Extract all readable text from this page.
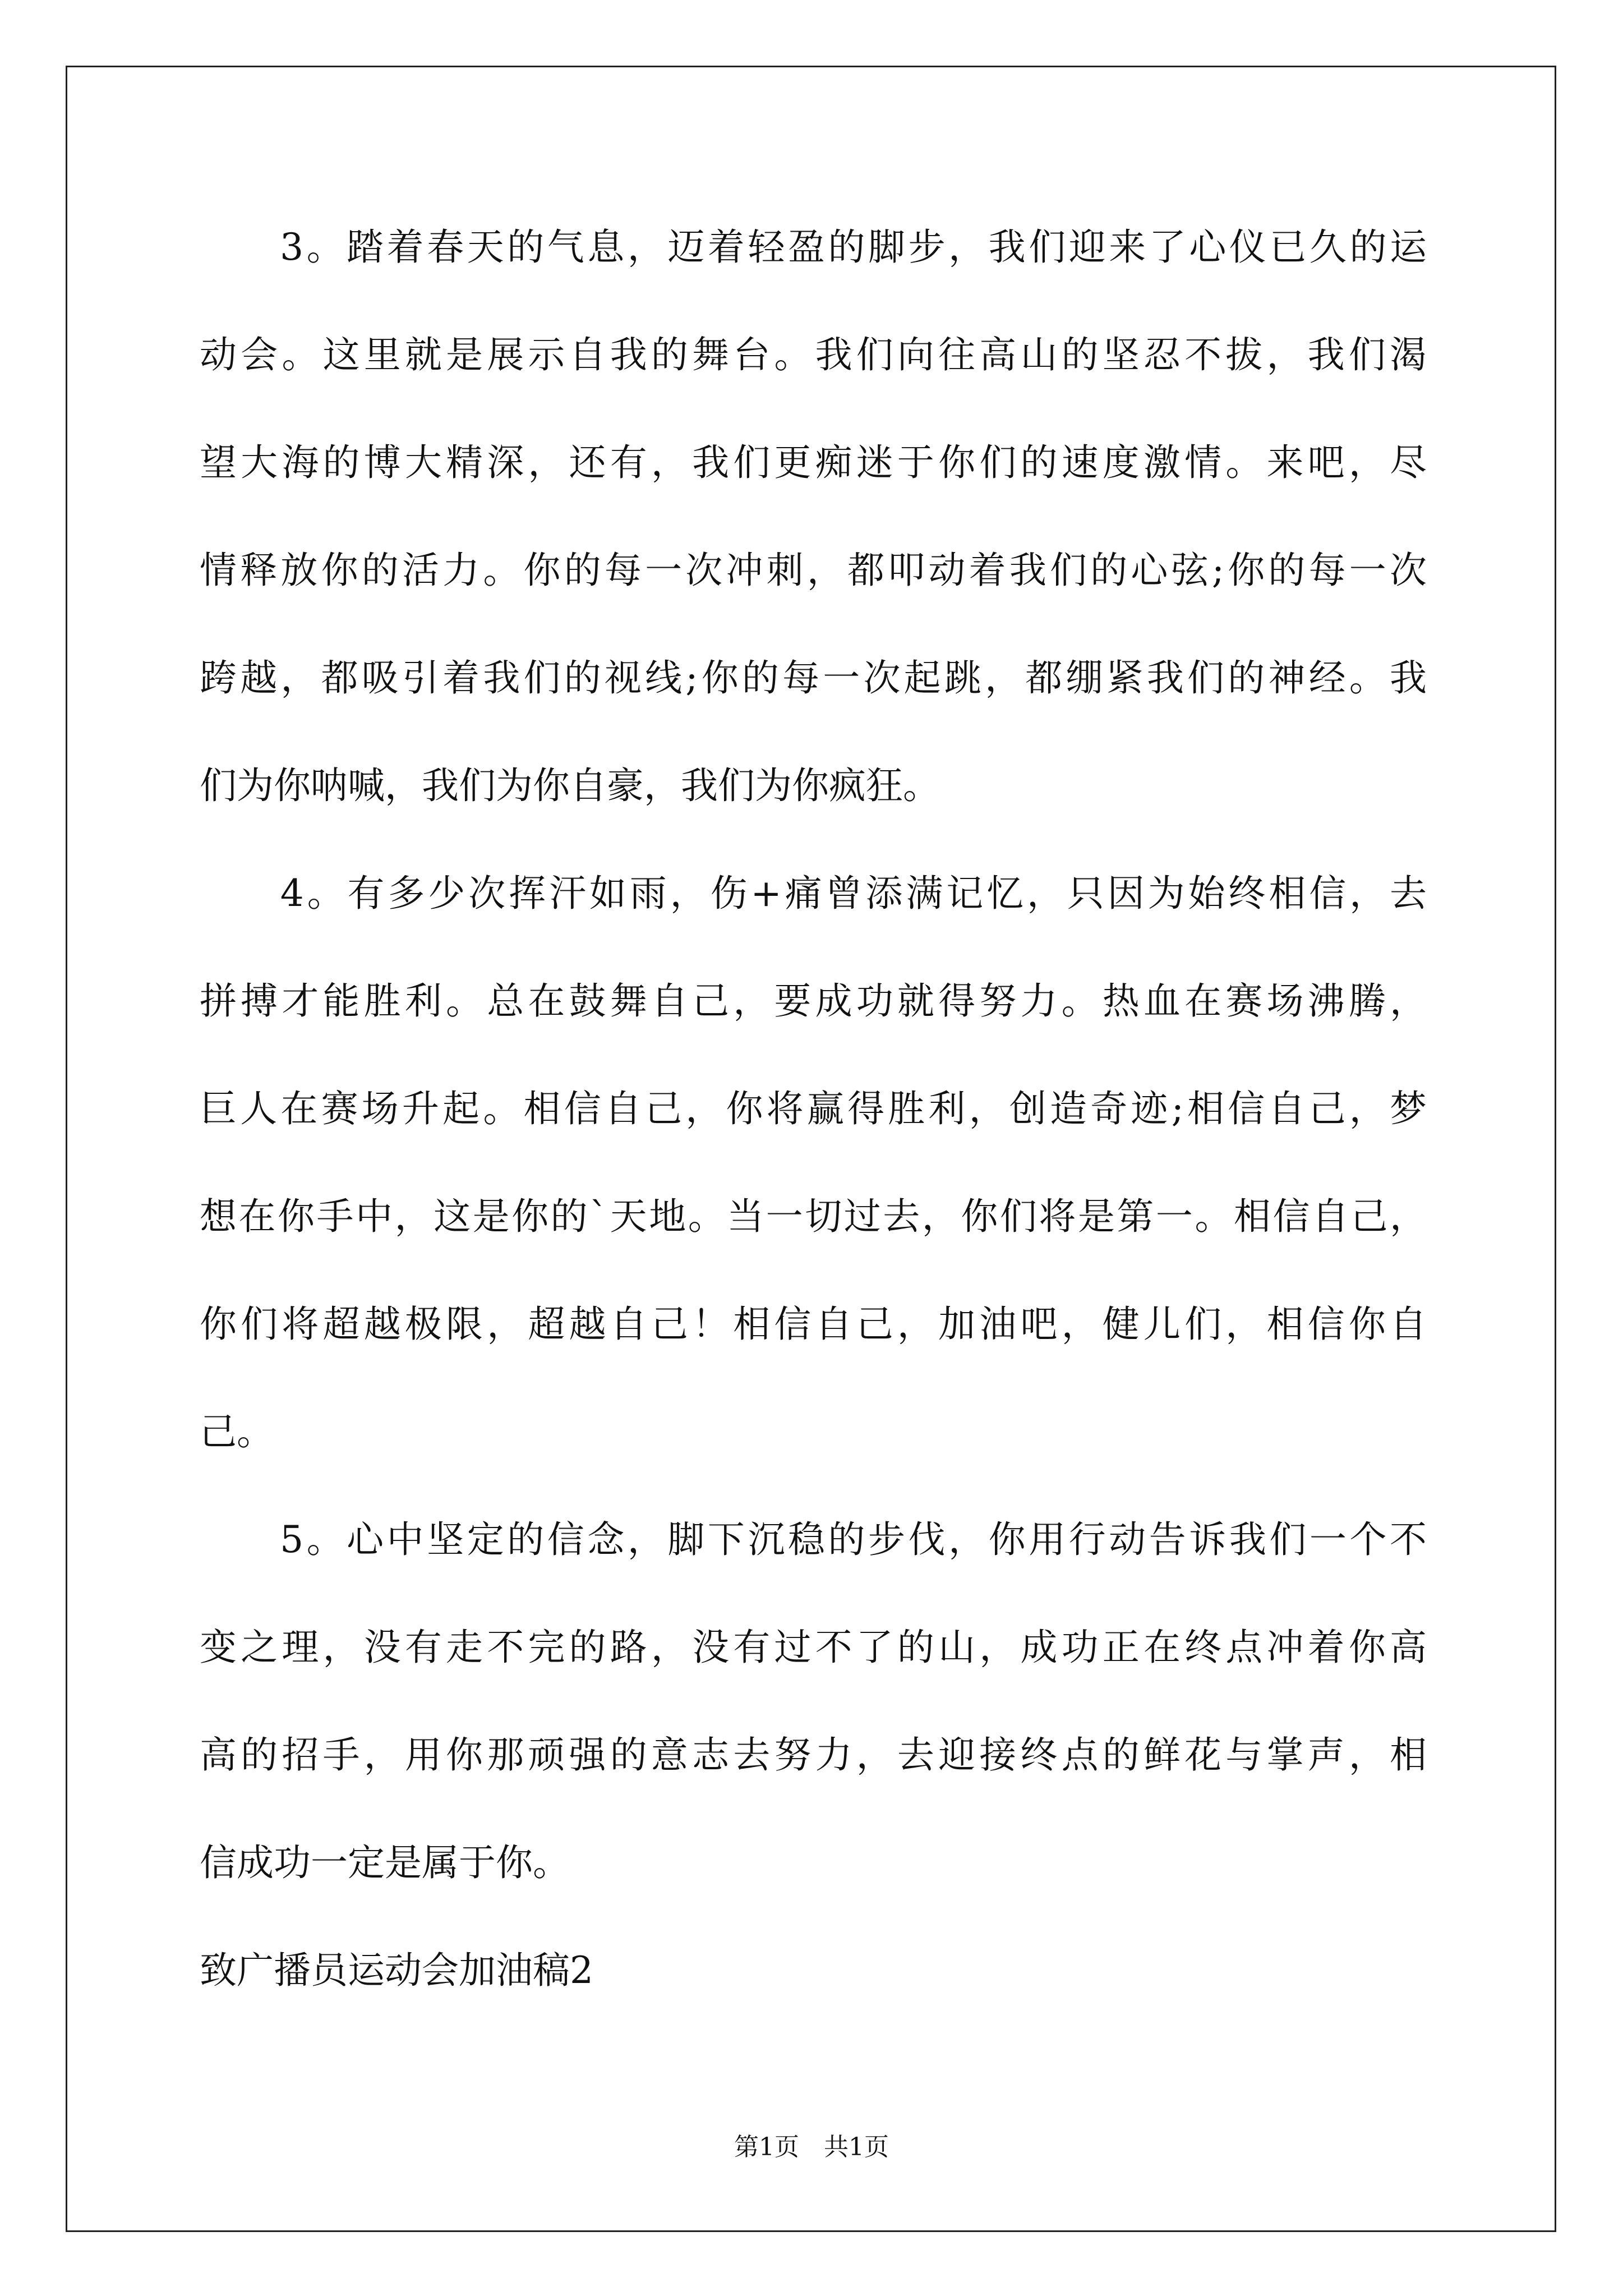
　　3。踏着春天的气息，迈着轻盈的脚步，我们迎来了心仪已久的运
动会。这里就是展示自我的舞台。我们向往高山的坚忍不拔，我们渴
望大海的博大精深，还有，我们更痴迷于你们的速度激情。来吧，尽
情释放你的活力。你的每一次冲刺，都叩动着我们的心弦;你的每一次
跨越，都吸引着我们的视线;你的每一次起跳，都绷紧我们的神经。我
们为你呐喊，我们为你自豪，我们为你疯狂。
　　4。有多少次挥汗如雨，伤+痛曾添满记忆，只因为始终相信，去
拼搏才能胜利。总在鼓舞自己，要成功就得努力。热血在赛场沸腾，
巨人在赛场升起。相信自己，你将赢得胜利，创造奇迹;相信自己，梦
想在你手中，这是你的`天地。当一切过去，你们将是第一。相信自己，
你们将超越极限，超越自己！相信自己，加油吧，健儿们，相信你自
己。
　　5。心中坚定的信念，脚下沉稳的步伐，你用行动告诉我们一个不
变之理，没有走不完的路，没有过不了的山，成功正在终点冲着你高
高的招手，用你那顽强的意志去努力，去迎接终点的鲜花与掌声，相
信成功一定是属于你。
致广播员运动会加油稿2
第1页　共1页
